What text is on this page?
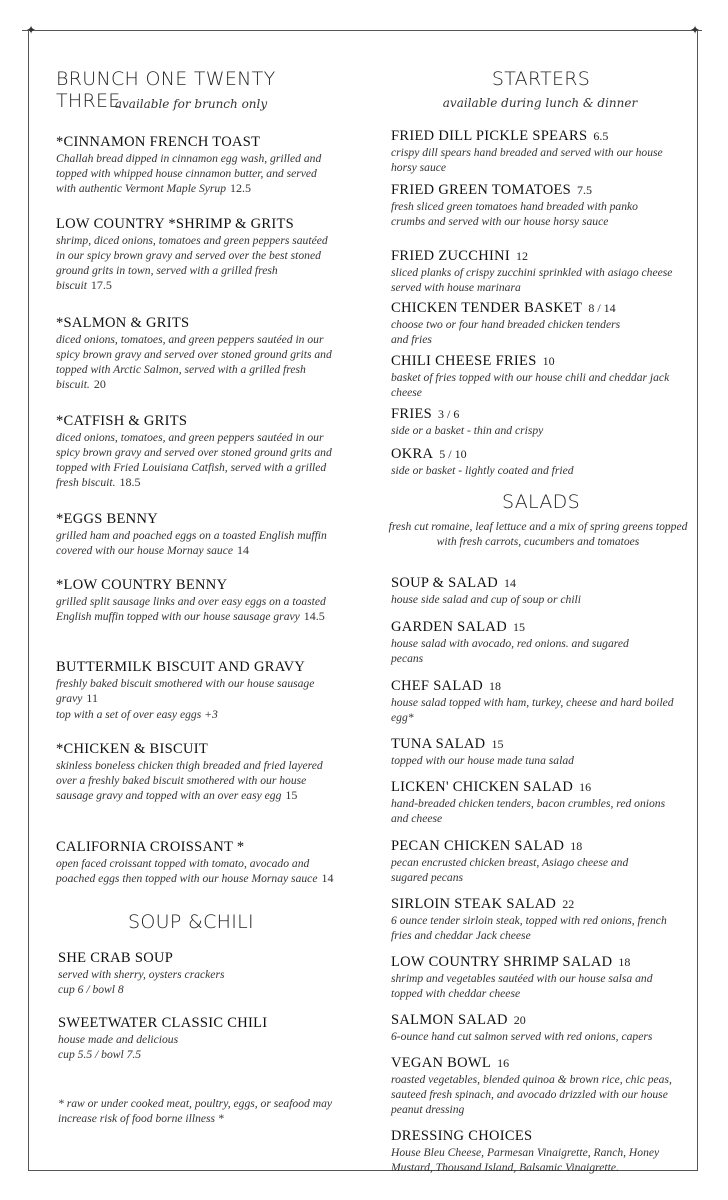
✦	✦
BRUNCH ONE TWENTY THREE
available for brunch only
*CINNAMON FRENCH TOAST
Challah bread dipped in cinnamon egg wash, grilled and topped with whipped house cinnamon butter, and served with authentic Vermont Maple Syrup 12.5
LOW COUNTRY *SHRIMP & GRITS
shrimp, diced onions, tomatoes and green peppers sautéed in our spicy brown gravy and served over the best stoned ground grits in town, served with a grilled fresh biscuit 17.5
*SALMON & GRITS
diced onions, tomatoes, and green peppers sautéed in our spicy brown gravy and served over stoned ground grits and topped with Arctic Salmon, served with a grilled fresh biscuit. 20
*CATFISH & GRITS
diced onions, tomatoes, and green peppers sautéed in our spicy brown gravy and served over stoned ground grits and topped with Fried Louisiana Catfish, served with a grilled fresh biscuit. 18.5
*EGGS BENNY
grilled ham and poached eggs on a toasted English muffin covered with our house Mornay sauce 14
*LOW COUNTRY BENNY
grilled split sausage links and over easy eggs on a toasted English muffin topped with our house sausage gravy 14.5
BUTTERMILK BISCUIT AND GRAVY
freshly baked biscuit smothered with our house sausage gravy 11
top with a set of over easy eggs +3
*CHICKEN & BISCUIT
skinless boneless chicken thigh breaded and fried layered over a freshly baked biscuit smothered with our house sausage gravy and topped with an over easy egg 15
CALIFORNIA CROISSANT *
open faced croissant topped with tomato, avocado and poached eggs then topped with our house Mornay sauce 14
SOUP &CHILI
SHE CRAB SOUP
served with sherry, oysters crackers
cup 6 / bowl 8
SWEETWATER CLASSIC CHILI
house made and delicious
cup 5.5 / bowl 7.5
* raw or under cooked meat, poultry, eggs, or seafood may increase risk of food borne illness *
STARTERS
available during lunch & dinner
FRIED DILL PICKLE SPEARS 6.5
crispy dill spears hand breaded and served with our house horsy sauce
FRIED GREEN TOMATOES 7.5
fresh sliced green tomatoes hand breaded with panko crumbs and served with our house horsy sauce
FRIED ZUCCHINI 12
sliced planks of crispy zucchini sprinkled with asiago cheese served with house marinara
CHICKEN TENDER BASKET 8 / 14
choose two or four hand breaded chicken tenders and fries
CHILI CHEESE FRIES 10
basket of fries topped with our house chili and cheddar jack cheese
FRIES 3 / 6
side or a basket - thin and crispy
OKRA 5 / 10
side or basket - lightly coated and fried
SALADS
fresh cut romaine, leaf lettuce and a mix of spring greens topped with fresh carrots, cucumbers and tomatoes
SOUP & SALAD 14
house side salad and cup of soup or chili
GARDEN SALAD 15
house salad with avocado, red onions. and sugared pecans
CHEF SALAD 18
house salad topped with ham, turkey, cheese and hard boiled egg*
TUNA SALAD 15
topped with our house made tuna salad
LICKEN' CHICKEN SALAD 16
hand-breaded chicken tenders, bacon crumbles, red onions and cheese
PECAN CHICKEN SALAD 18
pecan encrusted chicken breast, Asiago cheese and sugared pecans
SIRLOIN STEAK SALAD 22
6 ounce tender sirloin steak, topped with red onions, french fries and cheddar Jack cheese
LOW COUNTRY SHRIMP SALAD 18
shrimp and vegetables sautéed with our house salsa and topped with cheddar cheese
SALMON SALAD 20
6-ounce hand cut salmon served with red onions, capers
VEGAN BOWL 16
roasted vegetables, blended quinoa & brown rice, chic peas, sauteed fresh spinach, and avocado drizzled with our house peanut dressing
DRESSING CHOICES
House Bleu Cheese, Parmesan Vinaigrette, Ranch, Honey Mustard, Thousand Island, Balsamic Vinaigrette.
